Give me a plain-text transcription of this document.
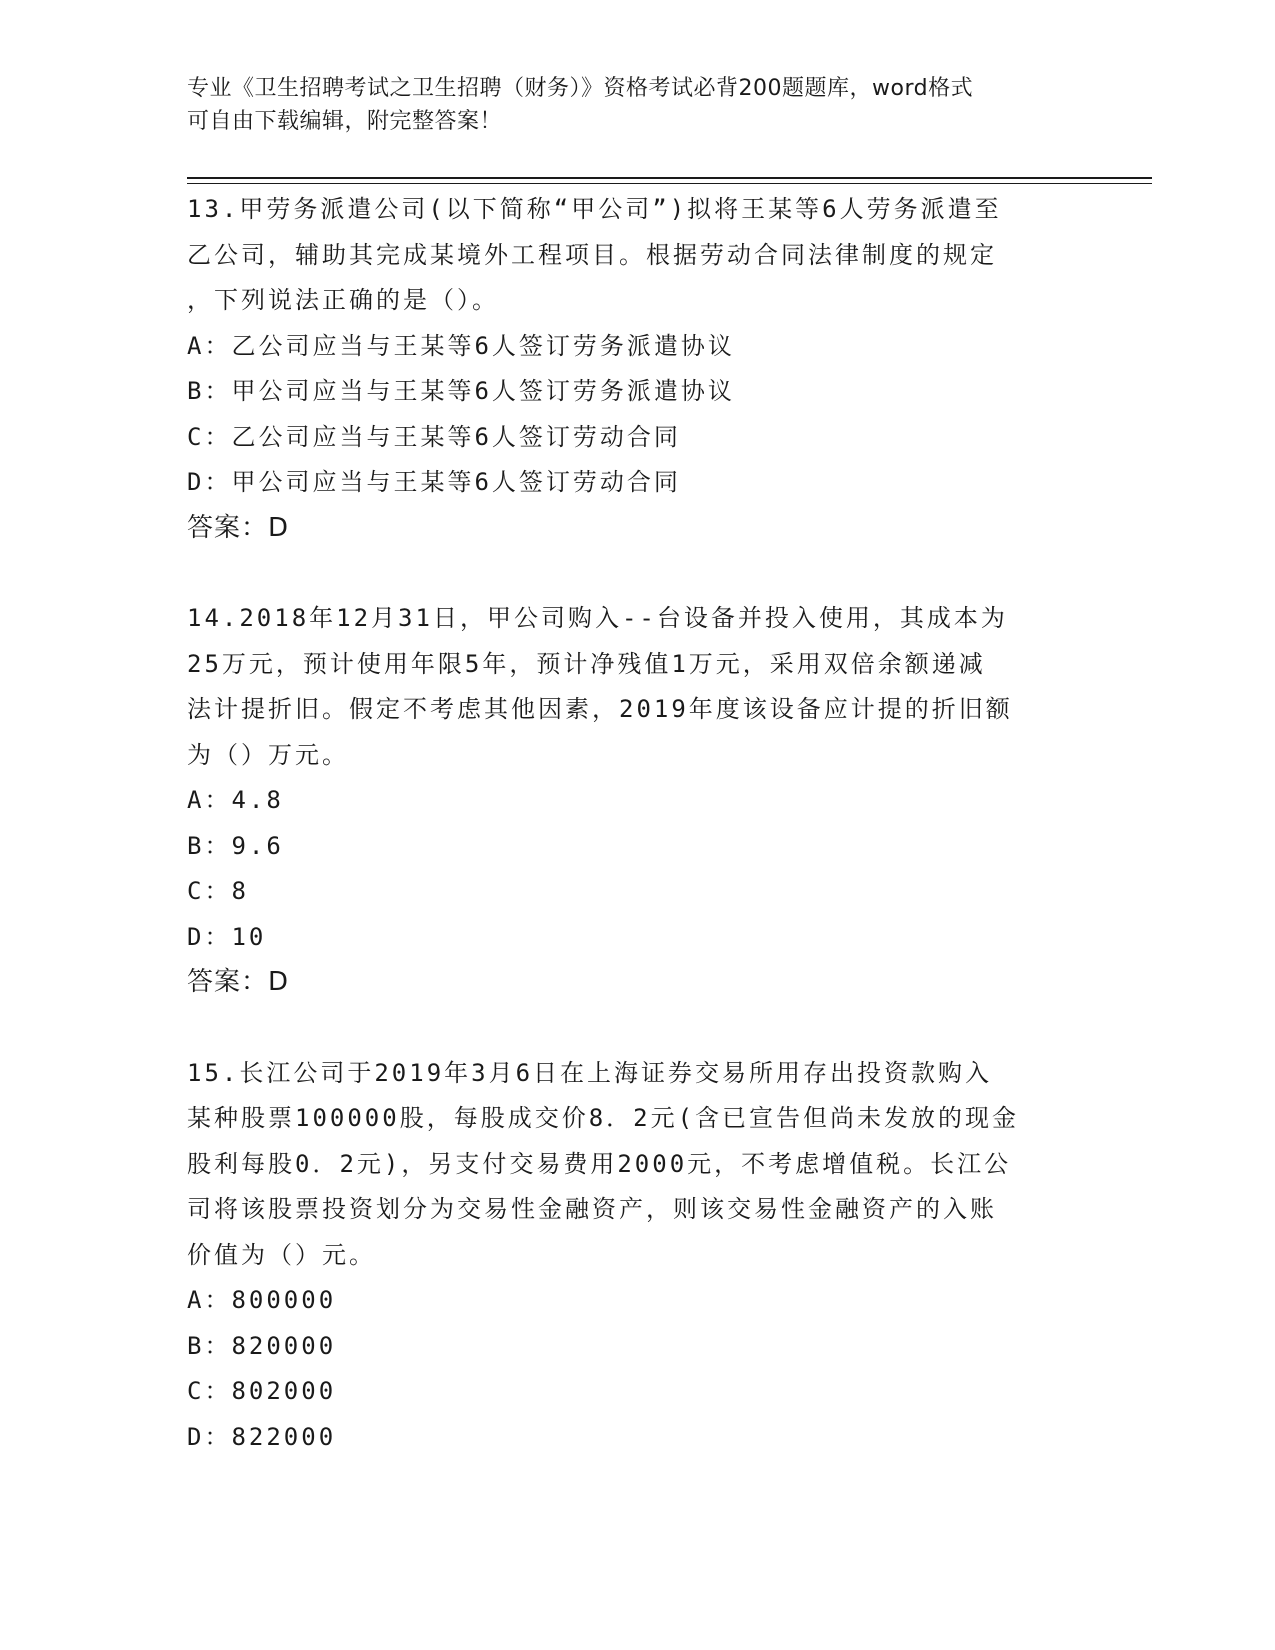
专业《卫生招聘考试之卫生招聘（财务）》资格考试必背200题题库，word格式
可自由下载编辑，附完整答案！

13.甲劳务派遣公司(以下简称“甲公司”)拟将王某等6人劳务派遣至

乙公司，辅助其完成某境外工程项目。根据劳动合同法律制度的规定

，下列说法正确的是（）。

A：乙公司应当与王某等6人签订劳务派遣协议

B：甲公司应当与王某等6人签订劳务派遣协议

C：乙公司应当与王某等6人签订劳动合同

D：甲公司应当与王某等6人签订劳动合同

答案：D

14.2018年12月31日，甲公司购入--台设备并投入使用，其成本为

25万元，预计使用年限5年，预计净残值1万元，采用双倍余额递减

法计提折旧。假定不考虑其他因素，2019年度该设备应计提的折旧额

为（）万元。

A：4.8

B：9.6

C：8

D：10

答案：D

15.长江公司于2019年3月6日在上海证券交易所用存出投资款购入

某种股票100000股，每股成交价8．2元(含已宣告但尚未发放的现金

股利每股0．2元)，另支付交易费用2000元，不考虑增值税。长江公

司将该股票投资划分为交易性金融资产，则该交易性金融资产的入账

价值为（）元。

A：800000

B：820000

C：802000

D：822000
